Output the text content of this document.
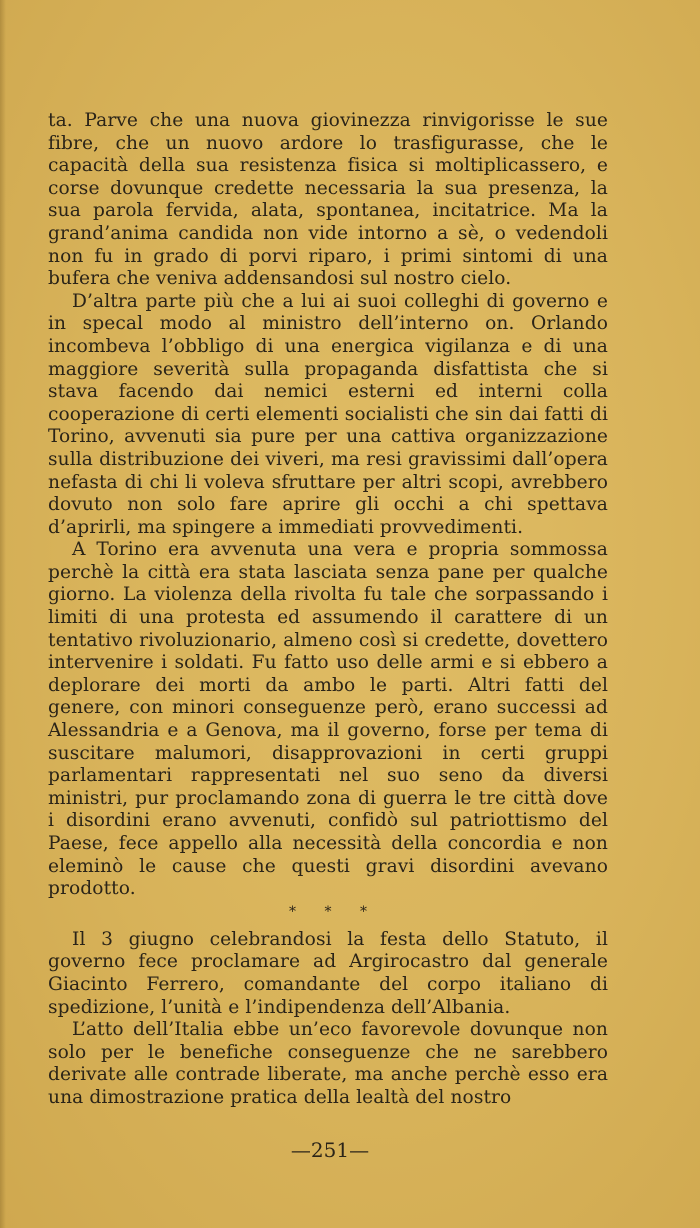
ta. Parve che una nuova giovinezza rinvigorisse le sue fibre, che un nuovo ardore lo trasfigurasse, che le capacità della sua resistenza fisica si moltiplicassero, e corse dovunque credette necessaria la sua presenza, la sua parola fervida, alata, spontanea, incitatrice. Ma la grand’anima candida non vide intorno a sè, o vedendoli non fu in grado di porvi riparo, i primi sintomi di una bufera che veniva addensandosi sul nostro cielo.

D’altra parte più che a lui ai suoi colleghi di governo e in specal modo al ministro dell’interno on. Orlando incombeva l’obbligo di una energica vigilanza e di una maggiore severità sulla propaganda disfattista che si stava facendo dai nemici esterni ed interni colla cooperazione di certi elementi socialisti che sin dai fatti di Torino, avvenuti sia pure per una cattiva organizzazione sulla distribuzione dei viveri, ma resi gravissimi dall’opera nefasta di chi li voleva sfruttare per altri scopi, avrebbero dovuto non solo fare aprire gli occhi a chi spettava d’aprirli, ma spingere a immediati provvedimenti.

A Torino era avvenuta una vera e propria sommossa perchè la città era stata lasciata senza pane per qualche giorno. La violenza della rivolta fu tale che sorpassando i limiti di una protesta ed assumendo il carattere di un tentativo rivoluzionario, almeno così si credette, dovettero intervenire i soldati. Fu fatto uso delle armi e si ebbero a deplorare dei morti da ambo le parti. Altri fatti del genere, con minori conseguenze però, erano successi ad Alessandria e a Genova, ma il governo, forse per tema di suscitare malumori, disapprovazioni in certi gruppi parlamentari rappresentati nel suo seno da diversi ministri, pur proclamando zona di guerra le tre città dove i disordini erano avvenuti, confidò sul patriottismo del Paese, fece appello alla necessità della concordia e non eleminò le cause che questi gravi disordini avevano prodotto.

* * *

Il 3 giugno celebrandosi la festa dello Statuto, il governo fece proclamare ad Argirocastro dal generale Giacinto Ferrero, comandante del corpo italiano di spedizione, l’unità e l’indipendenza dell’Albania.

L’atto dell’Italia ebbe un’eco favorevole dovunque non solo per le benefiche conseguenze che ne sarebbero derivate alle contrade liberate, ma anche perchè esso era una dimostrazione pratica della lealtà del nostro

—251—
